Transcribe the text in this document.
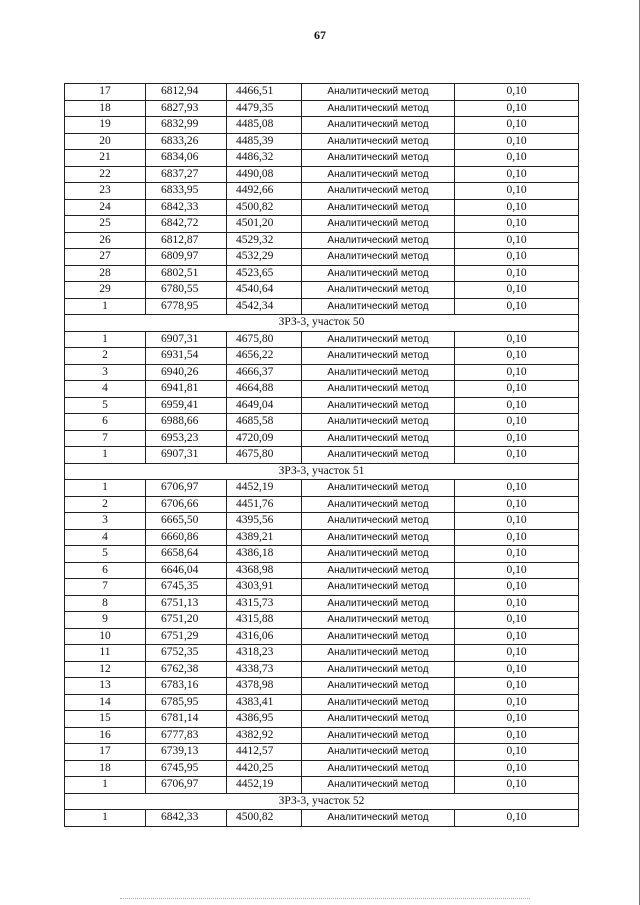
67
17	6812,94	4466,51	Аналитический метод	0,10
18	6827,93	4479,35	Аналитический метод	0,10
19	6832,99	4485,08	Аналитический метод	0,10
20	6833,26	4485,39	Аналитический метод	0,10
21	6834,06	4486,32	Аналитический метод	0,10
22	6837,27	4490,08	Аналитический метод	0,10
23	6833,95	4492,66	Аналитический метод	0,10
24	6842,33	4500,82	Аналитический метод	0,10
25	6842,72	4501,20	Аналитический метод	0,10
26	6812,87	4529,32	Аналитический метод	0,10
27	6809,97	4532,29	Аналитический метод	0,10
28	6802,51	4523,65	Аналитический метод	0,10
29	6780,55	4540,64	Аналитический метод	0,10
1	6778,95	4542,34	Аналитический метод	0,10
ЗРЗ-3, участок 50				
1	6907,31	4675,80	Аналитический метод	0,10
2	6931,54	4656,22	Аналитический метод	0,10
3	6940,26	4666,37	Аналитический метод	0,10
4	6941,81	4664,88	Аналитический метод	0,10
5	6959,41	4649,04	Аналитический метод	0,10
6	6988,66	4685,58	Аналитический метод	0,10
7	6953,23	4720,09	Аналитический метод	0,10
1	6907,31	4675,80	Аналитический метод	0,10
ЗРЗ-3, участок 51				
1	6706,97	4452,19	Аналитический метод	0,10
2	6706,66	4451,76	Аналитический метод	0,10
3	6665,50	4395,56	Аналитический метод	0,10
4	6660,86	4389,21	Аналитический метод	0,10
5	6658,64	4386,18	Аналитический метод	0,10
6	6646,04	4368,98	Аналитический метод	0,10
7	6745,35	4303,91	Аналитический метод	0,10
8	6751,13	4315,73	Аналитический метод	0,10
9	6751,20	4315,88	Аналитический метод	0,10
10	6751,29	4316,06	Аналитический метод	0,10
11	6752,35	4318,23	Аналитический метод	0,10
12	6762,38	4338,73	Аналитический метод	0,10
13	6783,16	4378,98	Аналитический метод	0,10
14	6785,95	4383,41	Аналитический метод	0,10
15	6781,14	4386,95	Аналитический метод	0,10
16	6777,83	4382,92	Аналитический метод	0,10
17	6739,13	4412,57	Аналитический метод	0,10
18	6745,95	4420,25	Аналитический метод	0,10
1	6706,97	4452,19	Аналитический метод	0,10
ЗРЗ-3, участок 52				
1	6842,33	4500,82	Аналитический метод	0,10
